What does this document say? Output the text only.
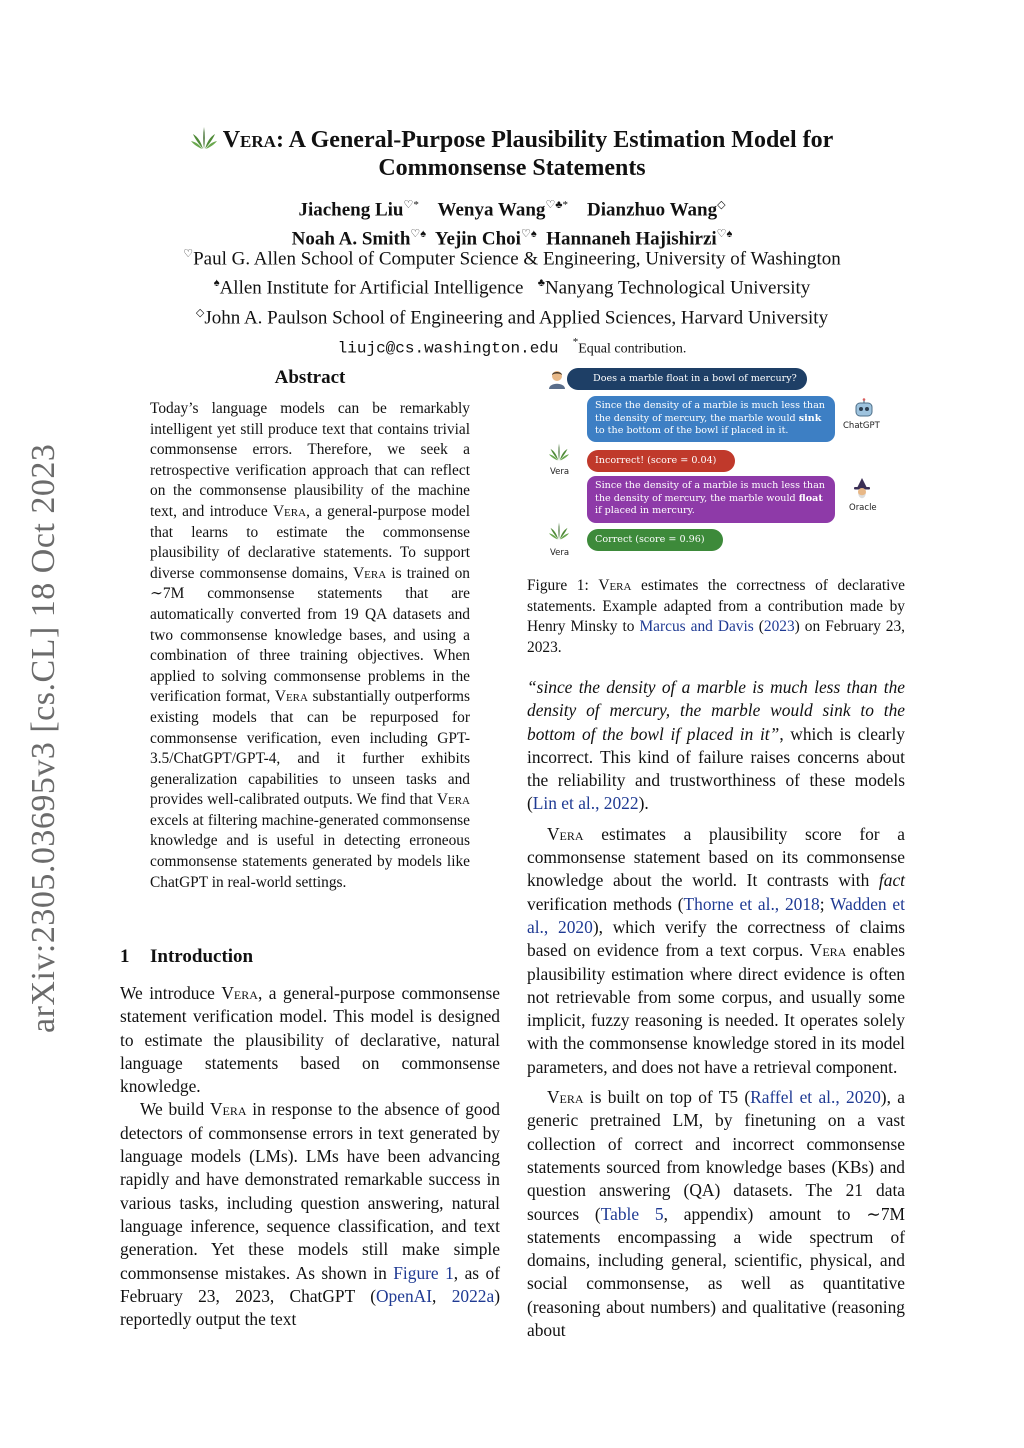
arXiv:2305.03695v3 [cs.CL] 18 Oct 2023
Vera: A General-Purpose Plausibility Estimation Model for
Commonsense Statements
Jiacheng Liu♡* Wenya Wang♡♣* Dianzhuo Wang◇
Noah A. Smith♡♠ Yejin Choi♡♠ Hannaneh Hajishirzi♡♠
♡Paul G. Allen School of Computer Science & Engineering, University of Washington
♠Allen Institute for Artificial Intelligence ♣Nanyang Technological University
◇John A. Paulson School of Engineering and Applied Sciences, Harvard University
liujc@cs.washington.edu *Equal contribution.
Abstract
Today’s language models can be remarkably intelligent yet still produce text that contains trivial commonsense errors. Therefore, we seek a retrospective verification approach that can reflect on the commonsense plausibility of the machine text, and introduce Vera, a general-purpose model that learns to estimate the commonsense plausibility of declarative statements. To support diverse commonsense domains, Vera is trained on ∼7M commonsense statements that are automatically converted from 19 QA datasets and two commonsense knowledge bases, and using a combination of three training objectives. When applied to solving commonsense problems in the verification format, Vera substantially outperforms existing models that can be repurposed for commonsense verification, even including GPT-3.5/ChatGPT/GPT-4, and it further exhibits generalization capabilities to unseen tasks and provides well-calibrated outputs. We find that Vera excels at filtering machine-generated commonsense knowledge and is useful in detecting erroneous commonsense statements generated by models like ChatGPT in real-world settings.
1 Introduction

We introduce Vera, a general-purpose commonsense statement verification model. This model is designed to estimate the plausibility of declarative, natural language statements based on commonsense knowledge.

We build Vera in response to the absence of good detectors of commonsense errors in text generated by language models (LMs). LMs have been advancing rapidly and have demonstrated remarkable success in various tasks, including question answering, natural language inference, sequence classification, and text generation. Yet these models still make simple commonsense mistakes. As shown in Figure 1, as of February 23, 2023, ChatGPT (OpenAI, 2022a) reportedly output the text

Does a marble float in a bowl of mercury?
Since the density of a marble is much less than the density of mercury, the marble would sink to the bottom of the bowl if placed in it.	ChatGPT
Vera
Incorrect! (score = 0.04)
Since the density of a marble is much less than the density of mercury, the marble would float if placed in mercury.	Oracle
Vera
Correct (score = 0.96)
Figure 1: Vera estimates the correctness of declarative statements. Example adapted from a contribution made by Henry Minsky to Marcus and Davis (2023) on February 23, 2023.

“since the density of a marble is much less than the density of mercury, the marble would sink to the bottom of the bowl if placed in it”, which is clearly incorrect. This kind of failure raises concerns about the reliability and trustworthiness of these models (Lin et al., 2022).

Vera estimates a plausibility score for a commonsense statement based on its commonsense knowledge about the world. It contrasts with fact verification methods (Thorne et al., 2018; Wadden et al., 2020), which verify the correctness of claims based on evidence from a text corpus. Vera enables plausibility estimation where direct evidence is often not retrievable from some corpus, and usually some implicit, fuzzy reasoning is needed. It operates solely with the commonsense knowledge stored in its model parameters, and does not have a retrieval component.

Vera is built on top of T5 (Raffel et al., 2020), a generic pretrained LM, by finetuning on a vast collection of correct and incorrect commonsense statements sourced from knowledge bases (KBs) and question answering (QA) datasets. The 21 data sources (Table 5, appendix) amount to ∼7M statements encompassing a wide spectrum of domains, including general, scientific, physical, and social commonsense, as well as quantitative (reasoning about numbers) and qualitative (reasoning about
